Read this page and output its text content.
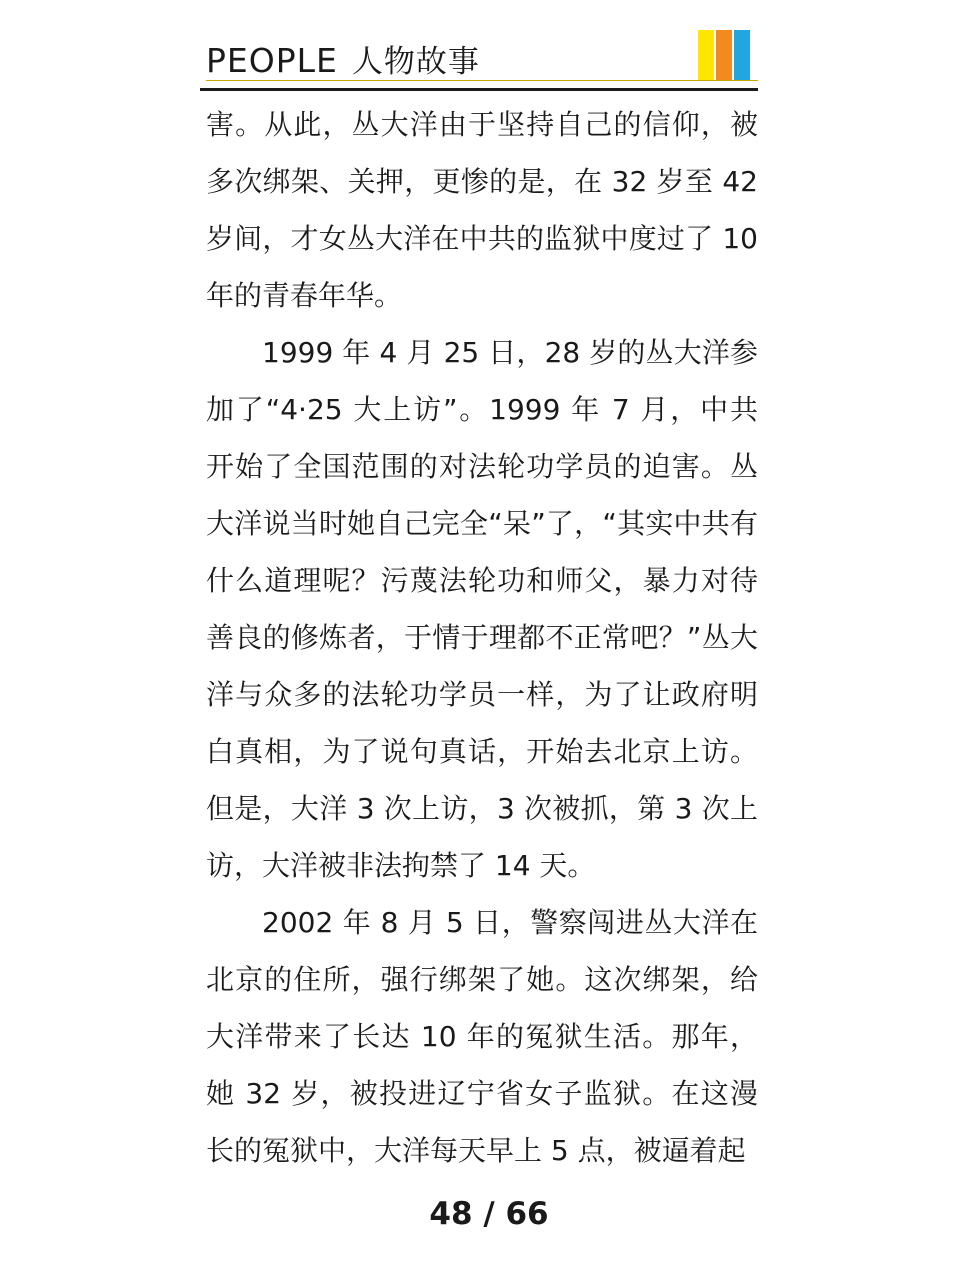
PEOPLE 人物故事

害。从此，丛大洋由于坚持自己的信仰，被多次绑架、关押，更惨的是，在 32 岁至 42 岁间，才女丛大洋在中共的监狱中度过了 10 年的青春年华。

1999 年 4 月 25 日，28 岁的丛大洋参加了“4·25 大上访”。1999 年 7 月，中共开始了全国范围的对法轮功学员的迫害。丛大洋说当时她自己完全“呆”了，“其实中共有什么道理呢？污蔑法轮功和师父，暴力对待善良的修炼者，于情于理都不正常吧？”丛大洋与众多的法轮功学员一样，为了让政府明白真相，为了说句真话，开始去北京上访。但是，大洋 3 次上访，3 次被抓，第 3 次上访，大洋被非法拘禁了 14 天。

2002 年 8 月 5 日，警察闯进丛大洋在北京的住所，强行绑架了她。这次绑架，给大洋带来了长达 10 年的冤狱生活。那年，她 32 岁，被投进辽宁省女子监狱。在这漫长的冤狱中，大洋每天早上 5 点，被逼着起

48 / 66
